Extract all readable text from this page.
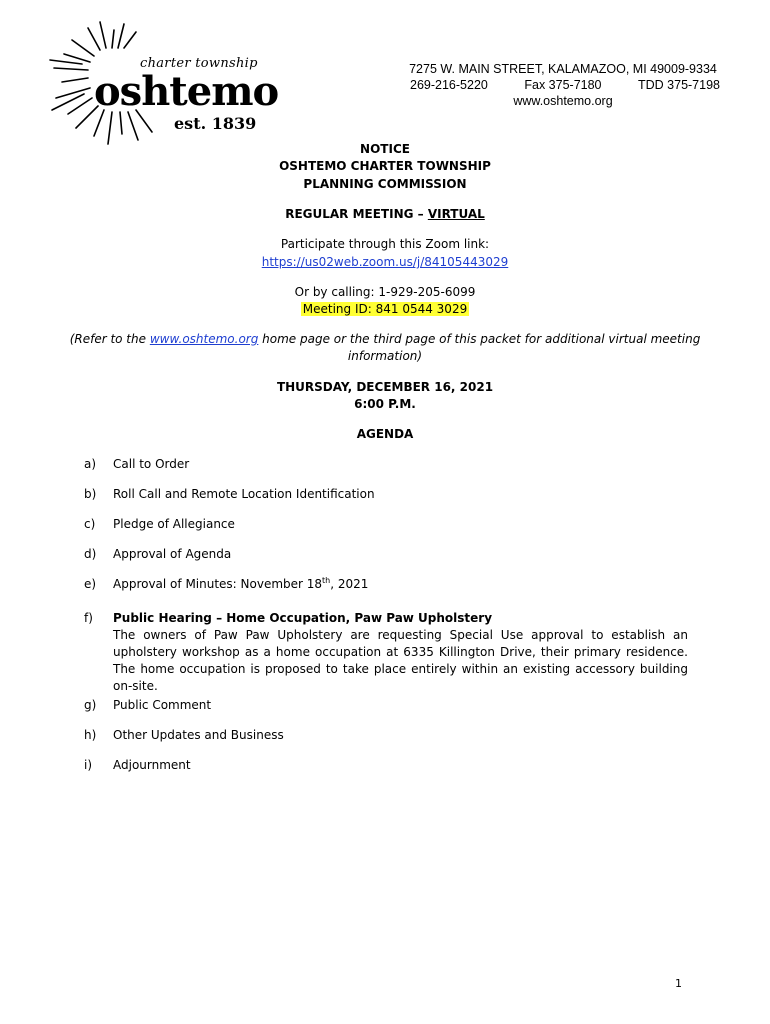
charter township
oshtemo
est. 1839
7275 W. MAIN STREET, KALAMAZOO, MI 49009-9334
269-216-5220	Fax 375-7180	TDD 375-7198
www.oshtemo.org
NOTICE
OSHTEMO CHARTER TOWNSHIP
PLANNING COMMISSION
REGULAR MEETING – VIRTUAL
Participate through this Zoom link:
https://us02web.zoom.us/j/84105443029
Or by calling: 1-929-205-6099
Meeting ID: 841 0544 3029
(Refer to the www.oshtemo.org home page or the third page of this packet for additional virtual meeting
information)
THURSDAY, DECEMBER 16, 2021
6:00 P.M.
AGENDA
a)	Call to Order
b)	Roll Call and Remote Location Identification
c)	Pledge of Allegiance
d)	Approval of Agenda
e)	Approval of Minutes: November 18th, 2021
f)	Public Hearing – Home Occupation, Paw Paw Upholstery
The owners of Paw Paw Upholstery are requesting Special Use approval to establish an upholstery workshop as a home occupation at 6335 Killington Drive, their primary residence. The home occupation is proposed to take place entirely within an existing accessory building on-site.
g)	Public Comment
h)	Other Updates and Business
i)	Adjournment
1
